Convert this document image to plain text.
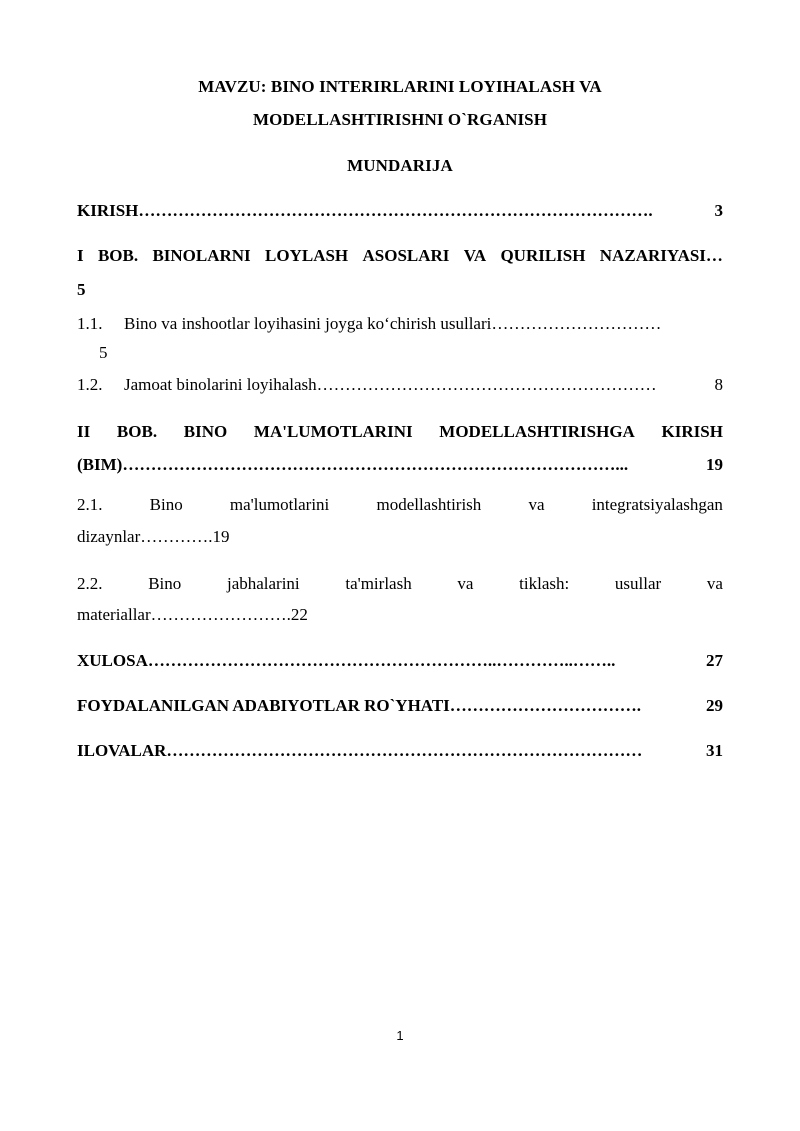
MAVZU: BINO INTERIRLARINI LOYIHALASH VA
MODELLASHTIRISHNI O`RGANISH
MUNDARIJA
KIRISH……………………………………………………………………………….	3
I BOB. BINOLARNI LOYLASH ASOSLARI VA QURILISH NAZARIYASI…
5
1.1. Bino va inshootlar loyihasini joyga ko‘chirish usullari…………………………
5
1.2. Jamoat binolarini loyihalash……………………………………………………	8
II BOB. BINO MA'LUMOTLARINI MODELLASHTIRISHGA KIRISH
(BIM)……………………………………………………………………………...	19
2.1.	Bino	ma'lumotlarini	modellashtirish	va	integratsiyalashgan
dizaynlar………….19
2.2.	Bino	jabhalarini	ta'mirlash	va	tiklash:	usullar	va
materiallar…………………….22
XULOSA……………………………………………………..…………..……..	27
FOYDALANILGAN ADABIYOTLAR RO`YHATI…………………………….	29
ILOVALAR…………………………………………………………………………	31
1
